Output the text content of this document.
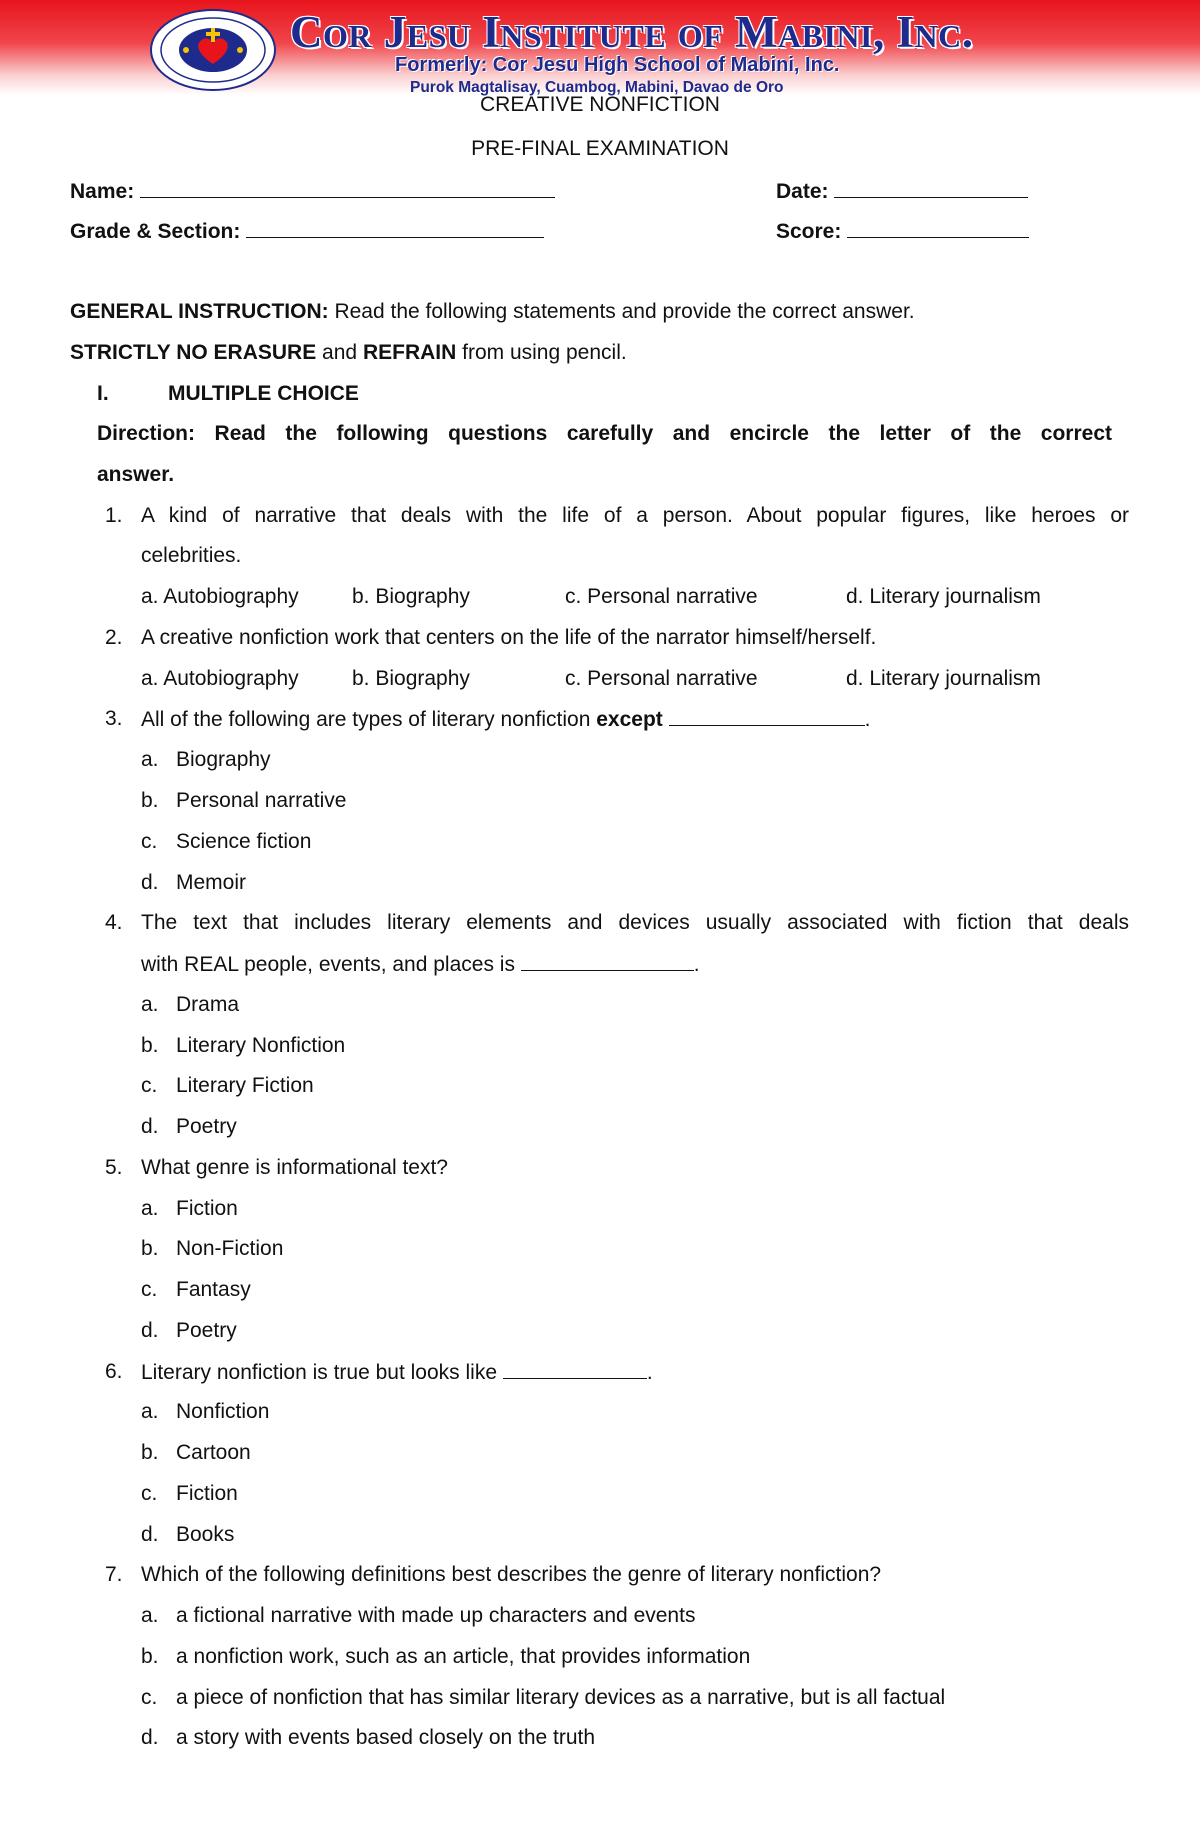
Cor Jesu Institute of Mabini, Inc.
Formerly: Cor Jesu High School of Mabini, Inc.
Purok Magtalisay, Cuambog, Mabini, Davao de Oro
CREATIVE NONFICTION
PRE-FINAL EXAMINATION
Name:	Date:
Grade & Section:	Score:
GENERAL INSTRUCTION: Read the following statements and provide the correct answer.
STRICTLY NO ERASURE and REFRAIN from using pencil.
I.	MULTIPLE CHOICE
Direction: Read the following questions carefully and encircle the letter of the correct
answer.
1. A kind of narrative that deals with the life of a person. About popular figures, like heroes or
celebrities.
a. Autobiography	b. Biography	c. Personal narrative	d. Literary journalism
2. A creative nonfiction work that centers on the life of the narrator himself/herself.
a. Autobiography	b. Biography	c. Personal narrative	d. Literary journalism
3. All of the following are types of literary nonfiction except	.
a. Biography
b. Personal narrative
c. Science fiction
d. Memoir
4. The text that includes literary elements and devices usually associated with fiction that deals
with REAL people, events, and places is	.
a. Drama
b. Literary Nonfiction
c. Literary Fiction
d. Poetry
5. What genre is informational text?
a. Fiction
b. Non-Fiction
c. Fantasy
d. Poetry
6. Literary nonfiction is true but looks like	.
a. Nonfiction
b. Cartoon
c. Fiction
d. Books
7. Which of the following definitions best describes the genre of literary nonfiction?
a. a fictional narrative with made up characters and events
b. a nonfiction work, such as an article, that provides information
c. a piece of nonfiction that has similar literary devices as a narrative, but is all factual
d. a story with events based closely on the truth
